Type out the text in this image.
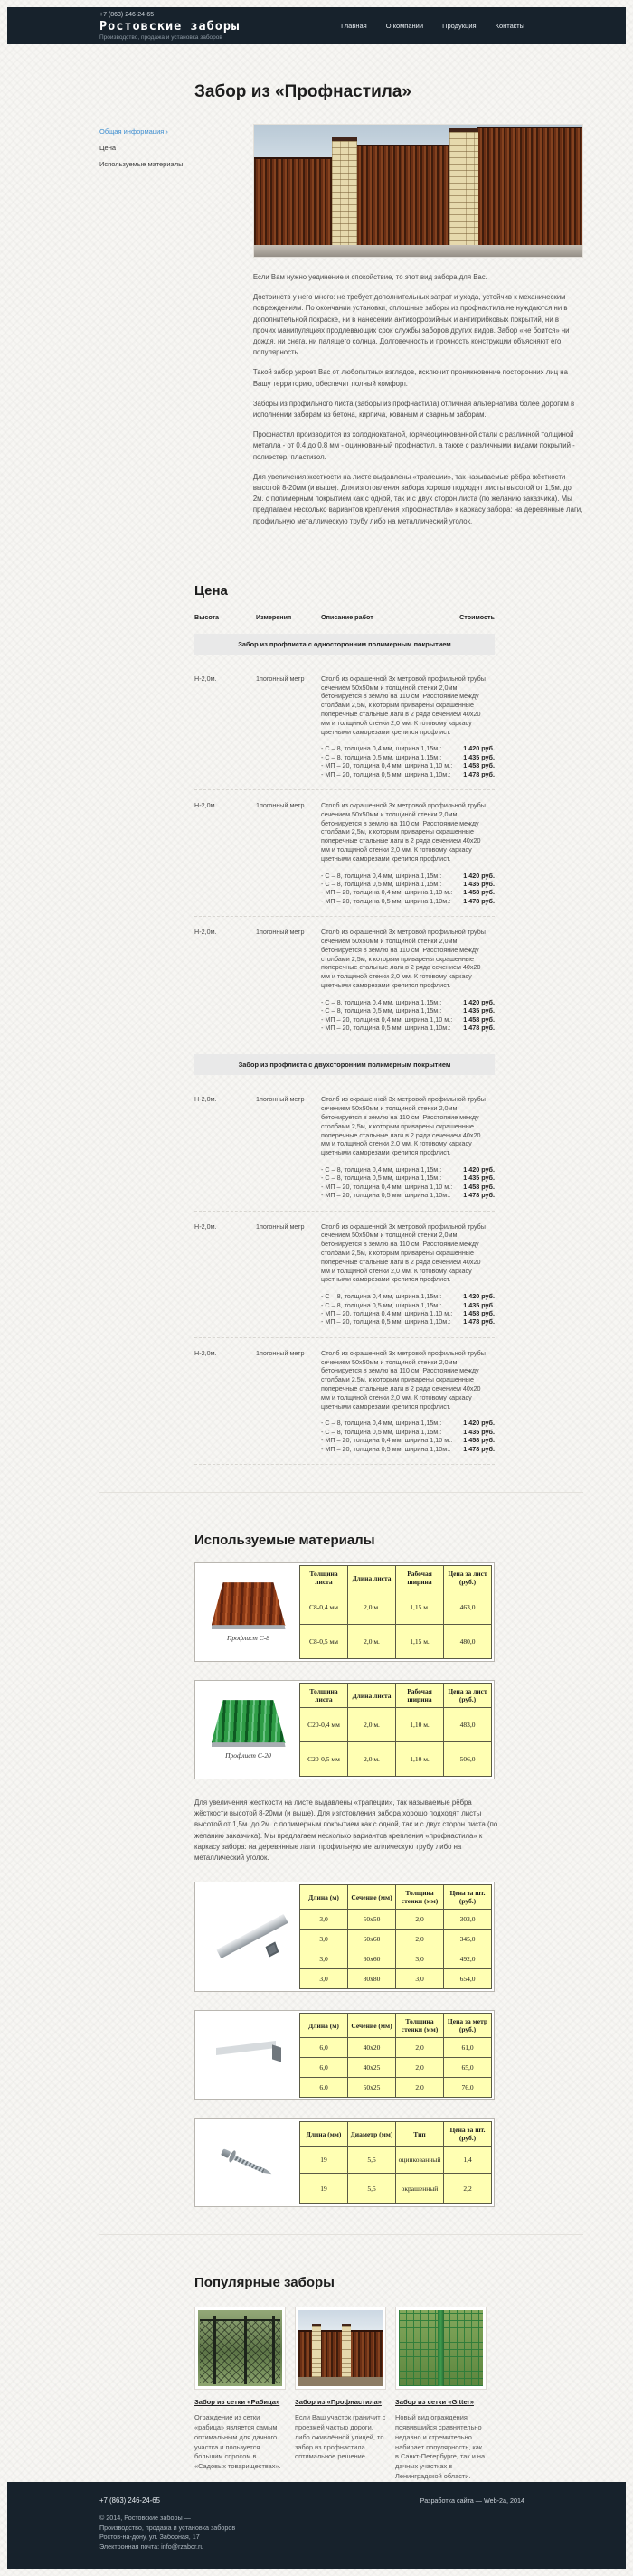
+7 (863) 246-24-65
Ростовские заборы
Производство, продажа и установка заборов
Главная	О компании	Продукция	Контакты
Забор из «Профнастила»
Общая информация ›
Цена
Используемые материалы

Если Вам нужно уединение и спокойствие, то этот вид забора для Вас.

Достоинств у него много: не требует дополнительных затрат и ухода, устойчив к механическим повреждениям. По окончании установки, сплошные заборы из профнастила не нуждаются ни в дополнительной покраске, ни в нанесении антикоррозийных и антигрибковых покрытий, ни в прочих манипуляциях продлевающих срок службы заборов других видов. Забор «не боится» ни дождя, ни снега, ни палящего солнца. Долговечность и прочность конструкции объясняют его популярность.

Такой забор укроет Вас от любопытных взглядов, исключит проникновение посторонних лиц на Вашу территорию, обеспечит полный комфорт.

Заборы из профильного листа (заборы из профнастила) отличная альтернатива более дорогим в исполнении заборам из бетона, кирпича, кованым и сварным заборам.

Профнастил производится из холоднокатаной, горячеоцинкованной стали с различной толщиной металла - от 0,4 до 0,8 мм - оцинкованный профнастил, а также с различными видами покрытий - полиэстер, пластизол.

Для увеличения жесткости на листе выдавлены «трапеции», так называемые рёбра жёсткости высотой 8-20мм (и выше). Для изготовления забора хорошо подходят листы высотой от 1,5м. до 2м. с полимерным покрытием как с одной, так и с двух сторон листа (по желанию заказчика). Мы предлагаем несколько вариантов крепления «профнастила» к каркасу забора: на деревянные лаги, профильную металлическую трубу либо на металлический уголок.

Цена
Высота	Измерения	Описание работ	Стоимость
Забор из профлиста с односторонним полимерным покрытием
Н-2,0м.	1погонный метр	Столб из окрашенной 3х метровой профильной трубы сечением 50х50мм и толщиной стенки 2,0мм бетонируется в землю на 110 см. Расстояние между столбами 2,5м, к которым приварены окрашенные поперечные стальные лаги в 2 ряда сечением 40х20 мм и толщиной стенки 2,0 мм. К готовому каркасу цветными саморезами крепится профлист.

- С – 8, толщина 0,4 мм, ширина 1,15м.:	1 420 руб.
- С – 8, толщина 0,5 мм, ширина 1,15м.:	1 435 руб.
- МП – 20, толщина 0,4 мм, ширина 1,10 м.: 1 458 руб.
- МП – 20, толщина 0,5 мм, ширина 1,10м.: 1 478 руб.
Н-2,0м.	1погонный метр	Столб из окрашенной 3х метровой профильной трубы сечением 50х50мм и толщиной стенки 2,0мм бетонируется в землю на 110 см. Расстояние между столбами 2,5м, к которым приварены окрашенные поперечные стальные лаги в 2 ряда сечением 40х20 мм и толщиной стенки 2,0 мм. К готовому каркасу цветными саморезами крепится профлист.

- С – 8, толщина 0,4 мм, ширина 1,15м.:	1 420 руб.
- С – 8, толщина 0,5 мм, ширина 1,15м.:	1 435 руб.
- МП – 20, толщина 0,4 мм, ширина 1,10 м.: 1 458 руб.
- МП – 20, толщина 0,5 мм, ширина 1,10м.: 1 478 руб.
Н-2,0м.	1погонный метр	Столб из окрашенной 3х метровой профильной трубы сечением 50х50мм и толщиной стенки 2,0мм бетонируется в землю на 110 см. Расстояние между столбами 2,5м, к которым приварены окрашенные поперечные стальные лаги в 2 ряда сечением 40х20 мм и толщиной стенки 2,0 мм. К готовому каркасу цветными саморезами крепится профлист.

- С – 8, толщина 0,4 мм, ширина 1,15м.:	1 420 руб.
- С – 8, толщина 0,5 мм, ширина 1,15м.:	1 435 руб.
- МП – 20, толщина 0,4 мм, ширина 1,10 м.: 1 458 руб.
- МП – 20, толщина 0,5 мм, ширина 1,10м.: 1 478 руб.
Забор из профлиста с двухсторонним полимерным покрытием
Н-2,0м.	1погонный метр	Столб из окрашенной 3х метровой профильной трубы сечением 50х50мм и толщиной стенки 2,0мм бетонируется в землю на 110 см. Расстояние между столбами 2,5м, к которым приварены окрашенные поперечные стальные лаги в 2 ряда сечением 40х20 мм и толщиной стенки 2,0 мм. К готовому каркасу цветными саморезами крепится профлист.

- С – 8, толщина 0,4 мм, ширина 1,15м.:	1 420 руб.
- С – 8, толщина 0,5 мм, ширина 1,15м.:	1 435 руб.
- МП – 20, толщина 0,4 мм, ширина 1,10 м.: 1 458 руб.
- МП – 20, толщина 0,5 мм, ширина 1,10м.: 1 478 руб.
Н-2,0м.	1погонный метр	Столб из окрашенной 3х метровой профильной трубы сечением 50х50мм и толщиной стенки 2,0мм бетонируется в землю на 110 см. Расстояние между столбами 2,5м, к которым приварены окрашенные поперечные стальные лаги в 2 ряда сечением 40х20 мм и толщиной стенки 2,0 мм. К готовому каркасу цветными саморезами крепится профлист.

- С – 8, толщина 0,4 мм, ширина 1,15м.:	1 420 руб.
- С – 8, толщина 0,5 мм, ширина 1,15м.:	1 435 руб.
- МП – 20, толщина 0,4 мм, ширина 1,10 м.: 1 458 руб.
- МП – 20, толщина 0,5 мм, ширина 1,10м.: 1 478 руб.
Н-2,0м.	1погонный метр	Столб из окрашенной 3х метровой профильной трубы сечением 50х50мм и толщиной стенки 2,0мм бетонируется в землю на 110 см. Расстояние между столбами 2,5м, к которым приварены окрашенные поперечные стальные лаги в 2 ряда сечением 40х20 мм и толщиной стенки 2,0 мм. К готовому каркасу цветными саморезами крепится профлист.

- С – 8, толщина 0,4 мм, ширина 1,15м.:	1 420 руб.
- С – 8, толщина 0,5 мм, ширина 1,15м.:	1 435 руб.
- МП – 20, толщина 0,4 мм, ширина 1,10 м.: 1 458 руб.
- МП – 20, толщина 0,5 мм, ширина 1,10м.: 1 478 руб.
Используемые материалы
Профлист С-8
Толщина листа	Длина листа	Рабочая ширина	Цена за лист (руб.)
С8-0,4 мм	2,0 м.	1,15 м.	463,0
С8-0,5 мм	2,0 м.	1,15 м.	480,0
Профлист С-20
Толщина листа	Длина листа	Рабочая ширина	Цена за лист (руб.)
С20-0,4 мм	2,0 м.	1,10 м.	483,0
С20-0,5 мм	2,0 м.	1,10 м.	506,0

Для увеличения жесткости на листе выдавлены «трапеции», так называемые рёбра жёсткости высотой 8-20мм (и выше). Для изготовления забора хорошо подходят листы высотой от 1,5м. до 2м. с полимерным покрытием как с одной, так и с двух сторон листа (по желанию заказчика). Мы предлагаем несколько вариантов крепления «профнастила» к каркасу забора: на деревянные лаги, профильную металлическую трубу либо на металлический уголок.

Длина (м)	Сечение (мм)	Толщина стенки (мм)	Цена за шт. (руб.)
3,0	50х50	2,0	303,0
3,0	60х60	2,0	345,0
3,0	60х60	3,0	492,0
3,0	80х80	3,0	654,0
Длина (м)	Сечение (мм)	Толщина стенки (мм)	Цена за метр (руб.)
6,0	40х20	2,0	61,0
6,0	40х25	2,0	65,0
6,0	50х25	2,0	76,0
Длина (мм)	Диаметр (мм)	Тип	Цена за шт. (руб.)
19	5,5	оцинкованный	1,4
19	5,5	окрашенный	2,2
Популярные заборы
Забор из сетки «Рабица»
Ограждение из сетки «рабица» является самым оптимальным для дачного участка и пользуется большим спросом в «Садовых товариществах».
Забор из «Профнастила»
Если Ваш участок граничит с проезжей частью дороги, либо оживлённой улицей, то забор из профнастила оптимальное решение.
Забор из сетки «Gitter»
Новый вид ограждения появившийся сравнительно недавно и стремительно набирает популярность, как в Санкт-Петербурге, так и на дачных участках в Ленинградской области.
+7 (863) 246-24-65
© 2014, Ростовские заборы —
Производство, продажа и установка заборов
Ростов-на-дону, ул. Заборная, 17
Электронная почта: info@rzabor.ru
Разработка сайта — Web-2a, 2014
